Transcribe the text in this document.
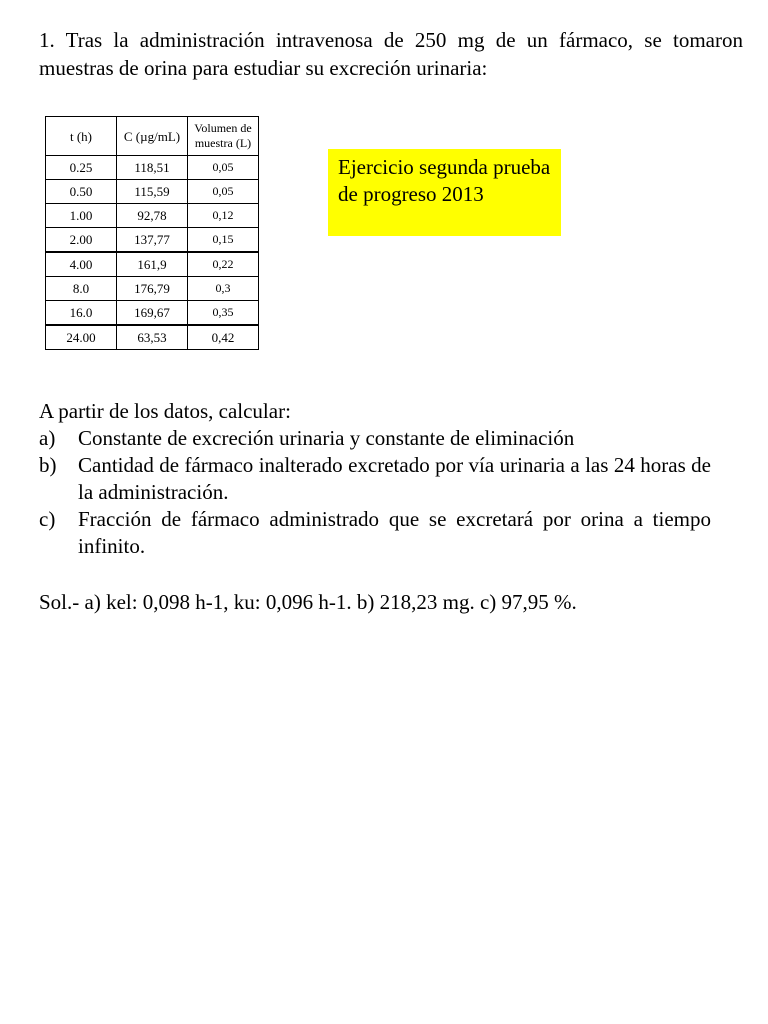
1. Tras la administración intravenosa de 250 mg de un fármaco, se tomaron muestras de orina para estudiar su excreción urinaria:

t (h)	C (µg/mL)	Volumen de muestra (L)
0.25	118,51	0,05
0.50	115,59	0,05
1.00	92,78	0,12
2.00	137,77	0,15
4.00	161,9	0,22
8.0	176,79	0,3
16.0	169,67	0,35
24.00	63,53	0,42
Ejercicio segunda prueba de progreso 2013

A partir de los datos, calcular:

a) Constante de excreción urinaria y constante de eliminación
b) Cantidad de fármaco inalterado excretado por vía urinaria a las 24 horas de la administración.
c) Fracción de fármaco administrado que se excretará por orina a tiempo infinito.

Sol.- a) kel: 0,098 h-1, ku: 0,096 h-1. b) 218,23 mg. c) 97,95 %.
